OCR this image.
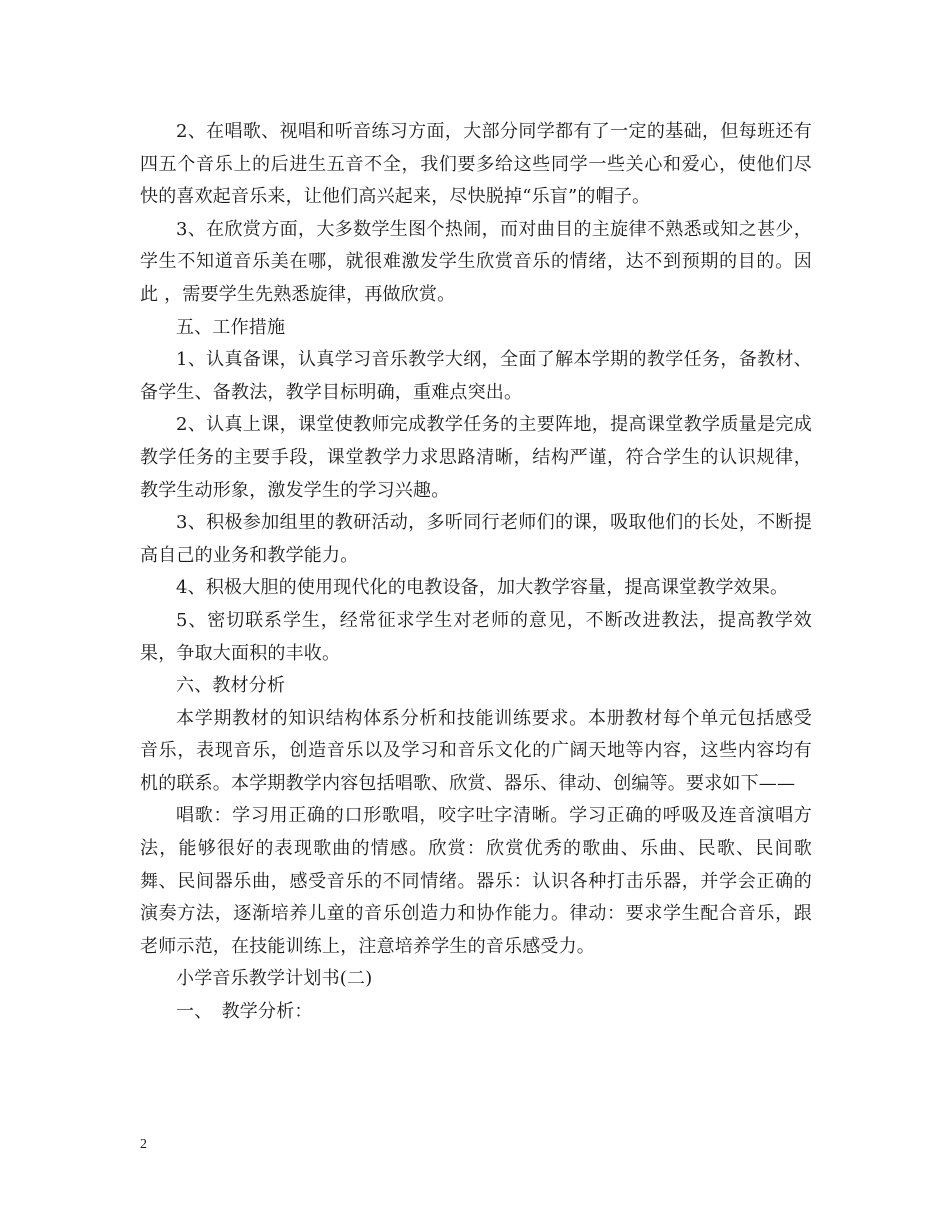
2、在唱歌、视唱和听音练习方面，大部分同学都有了一定的基础，但每班还有四五个音乐上的后进生五音不全，我们要多给这些同学一些关心和爱心，使他们尽快的喜欢起音乐来，让他们高兴起来，尽快脱掉“乐盲”的帽子。

3、在欣赏方面，大多数学生图个热闹，而对曲目的主旋律不熟悉或知之甚少，学生不知道音乐美在哪，就很难激发学生欣赏音乐的情绪，达不到预期的目的。因此 ，需要学生先熟悉旋律，再做欣赏。

五、工作措施

1、认真备课，认真学习音乐教学大纲，全面了解本学期的教学任务，备教材、备学生、备教法，教学目标明确，重难点突出。

2、认真上课，课堂使教师完成教学任务的主要阵地，提高课堂教学质量是完成教学任务的主要手段，课堂教学力求思路清晰，结构严谨，符合学生的认识规律，教学生动形象，激发学生的学习兴趣。

3、积极参加组里的教研活动，多听同行老师们的课，吸取他们的长处，不断提高自己的业务和教学能力。

4、积极大胆的使用现代化的电教设备，加大教学容量，提高课堂教学效果。

5、密切联系学生，经常征求学生对老师的意见，不断改进教法，提高教学效果，争取大面积的丰收。

六、教材分析

本学期教材的知识结构体系分析和技能训练要求。本册教材每个单元包括感受音乐，表现音乐，创造音乐以及学习和音乐文化的广阔天地等内容，这些内容均有机的联系。本学期教学内容包括唱歌、欣赏、器乐、律动、创编等。要求如下——

唱歌：学习用正确的口形歌唱，咬字吐字清晰。学习正确的呼吸及连音演唱方法，能够很好的表现歌曲的情感。欣赏：欣赏优秀的歌曲、乐曲、民歌、民间歌舞、民间器乐曲，感受音乐的不同情绪。器乐：认识各种打击乐器，并学会正确的演奏方法，逐渐培养儿童的音乐创造力和协作能力。律动：要求学生配合音乐，跟老师示范，在技能训练上，注意培养学生的音乐感受力。

小学音乐教学计划书(二)

一、　教学分析：

2
